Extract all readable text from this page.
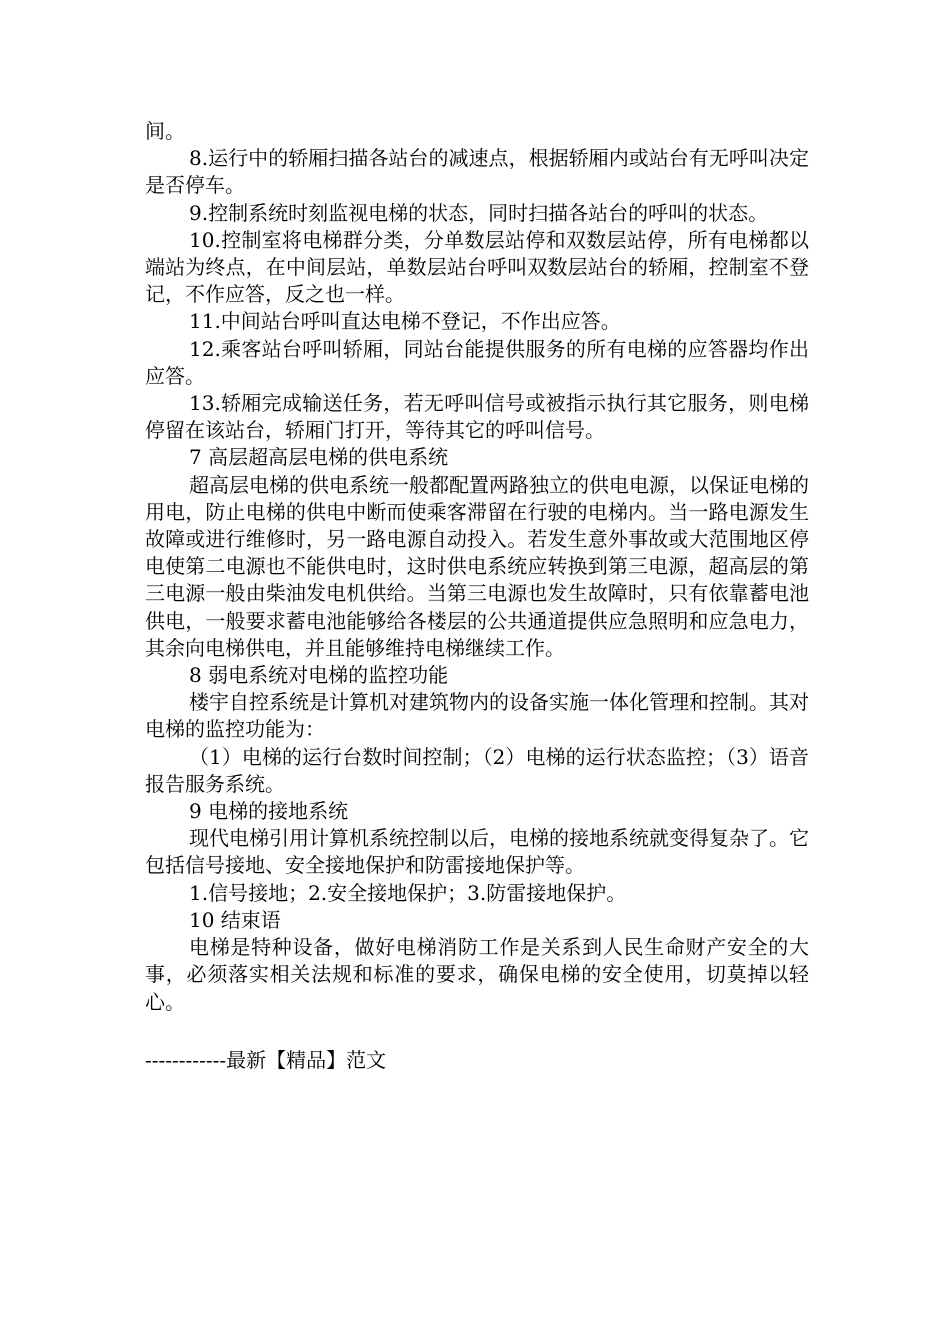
间。

8.运行中的轿厢扫描各站台的减速点，根据轿厢内或站台有无呼叫决定是否停车。

9.控制系统时刻监视电梯的状态，同时扫描各站台的呼叫的状态。

10.控制室将电梯群分类，分单数层站停和双数层站停，所有电梯都以端站为终点，在中间层站，单数层站台呼叫双数层站台的轿厢，控制室不登记，不作应答，反之也一样。

11.中间站台呼叫直达电梯不登记，不作出应答。

12.乘客站台呼叫轿厢，同站台能提供服务的所有电梯的应答器均作出应答。

13.轿厢完成输送任务，若无呼叫信号或被指示执行其它服务，则电梯停留在该站台，轿厢门打开，等待其它的呼叫信号。

7 高层超高层电梯的供电系统

超高层电梯的供电系统一般都配置两路独立的供电电源，以保证电梯的用电，防止电梯的供电中断而使乘客滞留在行驶的电梯内。当一路电源发生故障或进行维修时，另一路电源自动投入。若发生意外事故或大范围地区停电使第二电源也不能供电时，这时供电系统应转换到第三电源，超高层的第三电源一般由柴油发电机供给。当第三电源也发生故障时，只有依靠蓄电池供电，一般要求蓄电池能够给各楼层的公共通道提供应急照明和应急电力，其余向电梯供电，并且能够维持电梯继续工作。

8 弱电系统对电梯的监控功能

楼宇自控系统是计算机对建筑物内的设备实施一体化管理和控制。其对电梯的监控功能为：

（1）电梯的运行台数时间控制；（2）电梯的运行状态监控；（3）语音报告服务系统。

9 电梯的接地系统

现代电梯引用计算机系统控制以后，电梯的接地系统就变得复杂了。它包括信号接地、安全接地保护和防雷接地保护等。

1.信号接地；2.安全接地保护；3.防雷接地保护。

10 结束语

电梯是特种设备，做好电梯消防工作是关系到人民生命财产安全的大事，必须落实相关法规和标准的要求，确保电梯的安全使用，切莫掉以轻心。

------------最新【精品】范文
